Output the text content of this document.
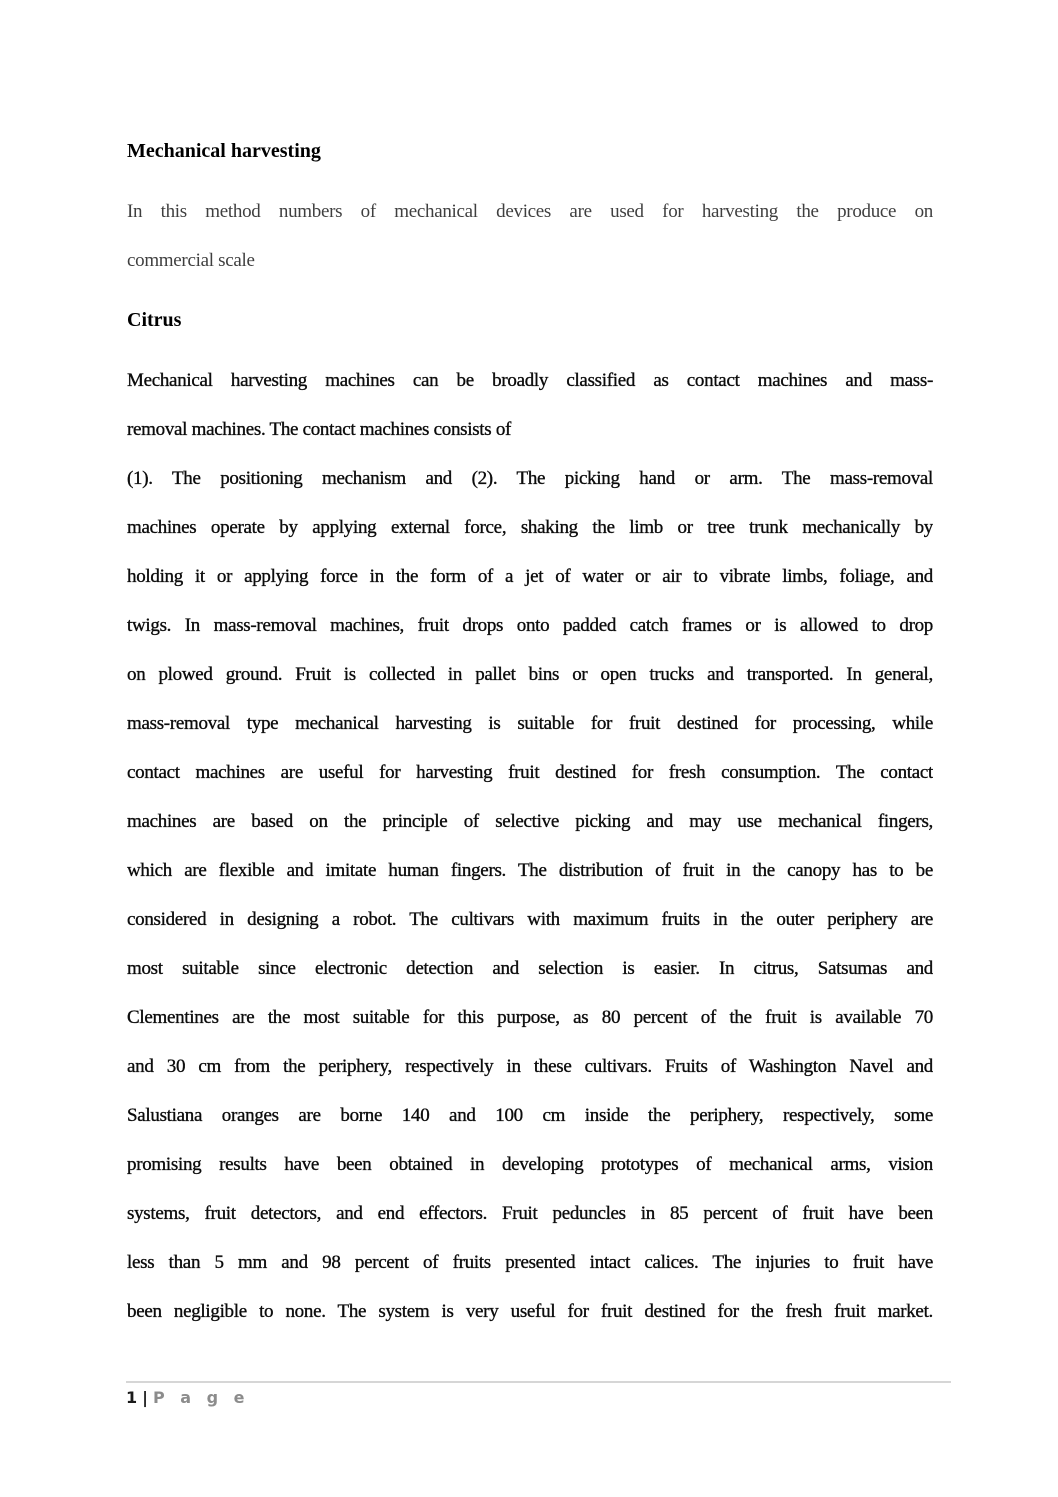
Mechanical harvesting
In this method numbers of mechanical devices are used for harvesting the produce on
commercial scale
Citrus
Mechanical harvesting machines can be broadly classified as contact machines and mass-
removal machines. The contact machines consists of
(1). The positioning mechanism and (2). The picking hand or arm. The mass-removal
machines operate by applying external force, shaking the limb or tree trunk mechanically by
holding it or applying force in the form of a jet of water or air to vibrate limbs, foliage, and
twigs. In mass-removal machines, fruit drops onto padded catch frames or is allowed to drop
on plowed ground. Fruit is collected in pallet bins or open trucks and transported. In general,
mass-removal type mechanical harvesting is suitable for fruit destined for processing, while
contact machines are useful for harvesting fruit destined for fresh consumption. The contact
machines are based on the principle of selective picking and may use mechanical fingers,
which are flexible and imitate human fingers. The distribution of fruit in the canopy has to be
considered in designing a robot. The cultivars with maximum fruits in the outer periphery are
most suitable since electronic detection and selection is easier. In citrus, Satsumas and
Clementines are the most suitable for this purpose, as 80 percent of the fruit is available 70
and 30 cm from the periphery, respectively in these cultivars. Fruits of Washington Navel and
Salustiana oranges are borne 140 and 100 cm inside the periphery, respectively, some
promising results have been obtained in developing prototypes of mechanical arms, vision
systems, fruit detectors, and end effectors. Fruit peduncles in 85 percent of fruit have been
less than 5 mm and 98 percent of fruits presented intact calices. The injuries to fruit have
been negligible to none. The system is very useful for fruit destined for the fresh fruit market.
1 | P a g e
